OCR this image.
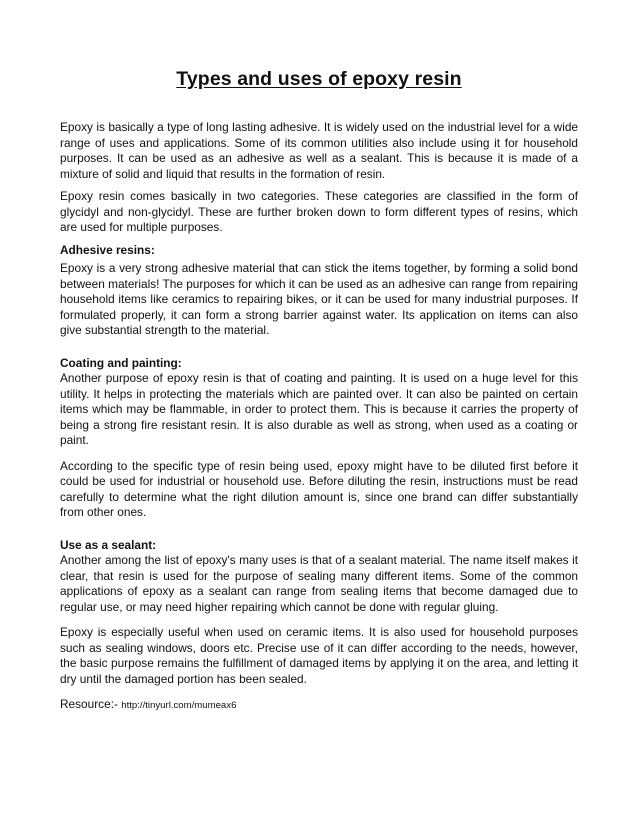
Types and uses of epoxy resin

Epoxy is basically a type of long lasting adhesive. It is widely used on the industrial level for a wide range of uses and applications. Some of its common utilities also include using it for household purposes. It can be used as an adhesive as well as a sealant. This is because it is made of a mixture of solid and liquid that results in the formation of resin.

Epoxy resin comes basically in two categories. These categories are classified in the form of glycidyl and non-glycidyl. These are further broken down to form different types of resins, which are used for multiple purposes.

Adhesive resins:

Epoxy is a very strong adhesive material that can stick the items together, by forming a solid bond between materials! The purposes for which it can be used as an adhesive can range from repairing household items like ceramics to repairing bikes, or it can be used for many industrial purposes. If formulated properly, it can form a strong barrier against water. Its application on items can also give substantial strength to the material.

Coating and painting:

Another purpose of epoxy resin is that of coating and painting. It is used on a huge level for this utility. It helps in protecting the materials which are painted over. It can also be painted on certain items which may be flammable, in order to protect them. This is because it carries the property of being a strong fire resistant resin. It is also durable as well as strong, when used as a coating or paint.

According to the specific type of resin being used, epoxy might have to be diluted first before it could be used for industrial or household use. Before diluting the resin, instructions must be read carefully to determine what the right dilution amount is, since one brand can differ substantially from other ones.

Use as a sealant:

Another among the list of epoxy's many uses is that of a sealant material. The name itself makes it clear, that resin is used for the purpose of sealing many different items. Some of the common applications of epoxy as a sealant can range from sealing items that become damaged due to regular use, or may need higher repairing which cannot be done with regular gluing.

Epoxy is especially useful when used on ceramic items. It is also used for household purposes such as sealing windows, doors etc. Precise use of it can differ according to the needs, however, the basic purpose remains the fulfillment of damaged items by applying it on the area, and letting it dry until the damaged portion has been sealed.

Resource:- http://tinyurl.com/mumeax6
